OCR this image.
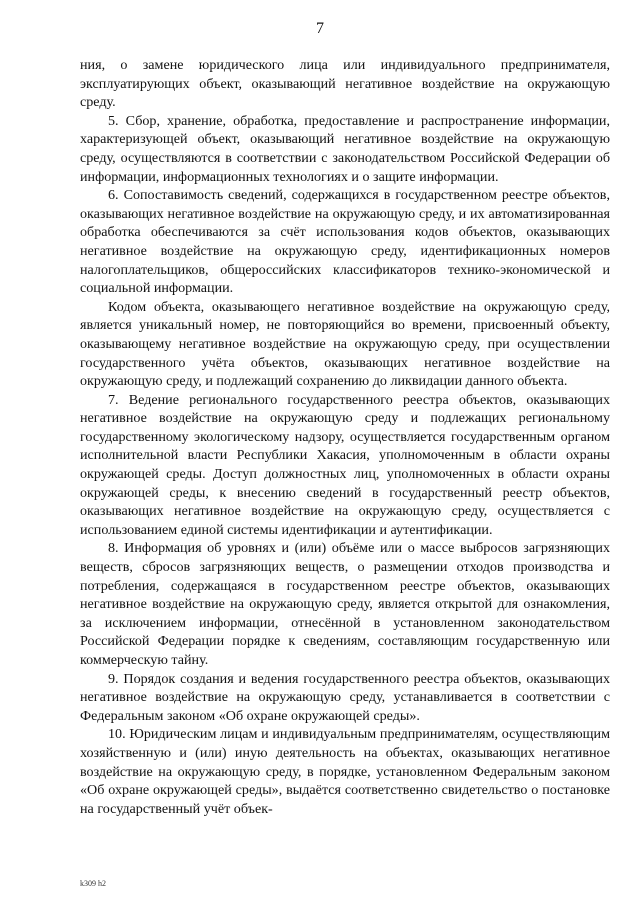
7

ния, о замене юридического лица или индивидуального предпринимателя, эксплуатирующих объект, оказывающий негативное воздействие на окружающую среду.

5. Сбор, хранение, обработка, предоставление и распространение информации, характеризующей объект, оказывающий негативное воздействие на окружающую среду, осуществляются в соответствии с законодательством Российской Федерации об информации, информационных технологиях и о защите информации.

6. Сопоставимость сведений, содержащихся в государственном реестре объектов, оказывающих негативное воздействие на окружающую среду, и их автоматизированная обработка обеспечиваются за счёт использования кодов объектов, оказывающих негативное воздействие на окружающую среду, идентификационных номеров налогоплательщиков, общероссийских классификаторов технико-экономической и социальной информации.

Кодом объекта, оказывающего негативное воздействие на окружающую среду, является уникальный номер, не повторяющийся во времени, присвоенный объекту, оказывающему негативное воздействие на окружающую среду, при осуществлении государственного учёта объектов, оказывающих негативное воздействие на окружающую среду, и подлежащий сохранению до ликвидации данного объекта.

7. Ведение регионального государственного реестра объектов, оказывающих негативное воздействие на окружающую среду и подлежащих региональному государственному экологическому надзору, осуществляется государственным органом исполнительной власти Республики Хакасия, уполномоченным в области охраны окружающей среды. Доступ должностных лиц, уполномоченных в области охраны окружающей среды, к внесению сведений в государственный реестр объектов, оказывающих негативное воздействие на окружающую среду, осуществляется с использованием единой системы идентификации и аутентификации.

8. Информация об уровнях и (или) объёме или о массе выбросов загрязняющих веществ, сбросов загрязняющих веществ, о размещении отходов производства и потребления, содержащаяся в государственном реестре объектов, оказывающих негативное воздействие на окружающую среду, является открытой для ознакомления, за исключением информации, отнесённой в установленном законодательством Российской Федерации порядке к сведениям, составляющим государственную или коммерческую тайну.

9. Порядок создания и ведения государственного реестра объектов, оказывающих негативное воздействие на окружающую среду, устанавливается в соответствии с Федеральным законом «Об охране окружающей среды».

10. Юридическим лицам и индивидуальным предпринимателям, осуществляющим хозяйственную и (или) иную деятельность на объектах, оказывающих негативное воздействие на окружающую среду, в порядке, установленном Федеральным законом «Об охране окружающей среды», выдаётся соответственно свидетельство о постановке на государственный учёт объек-

k309 h2
